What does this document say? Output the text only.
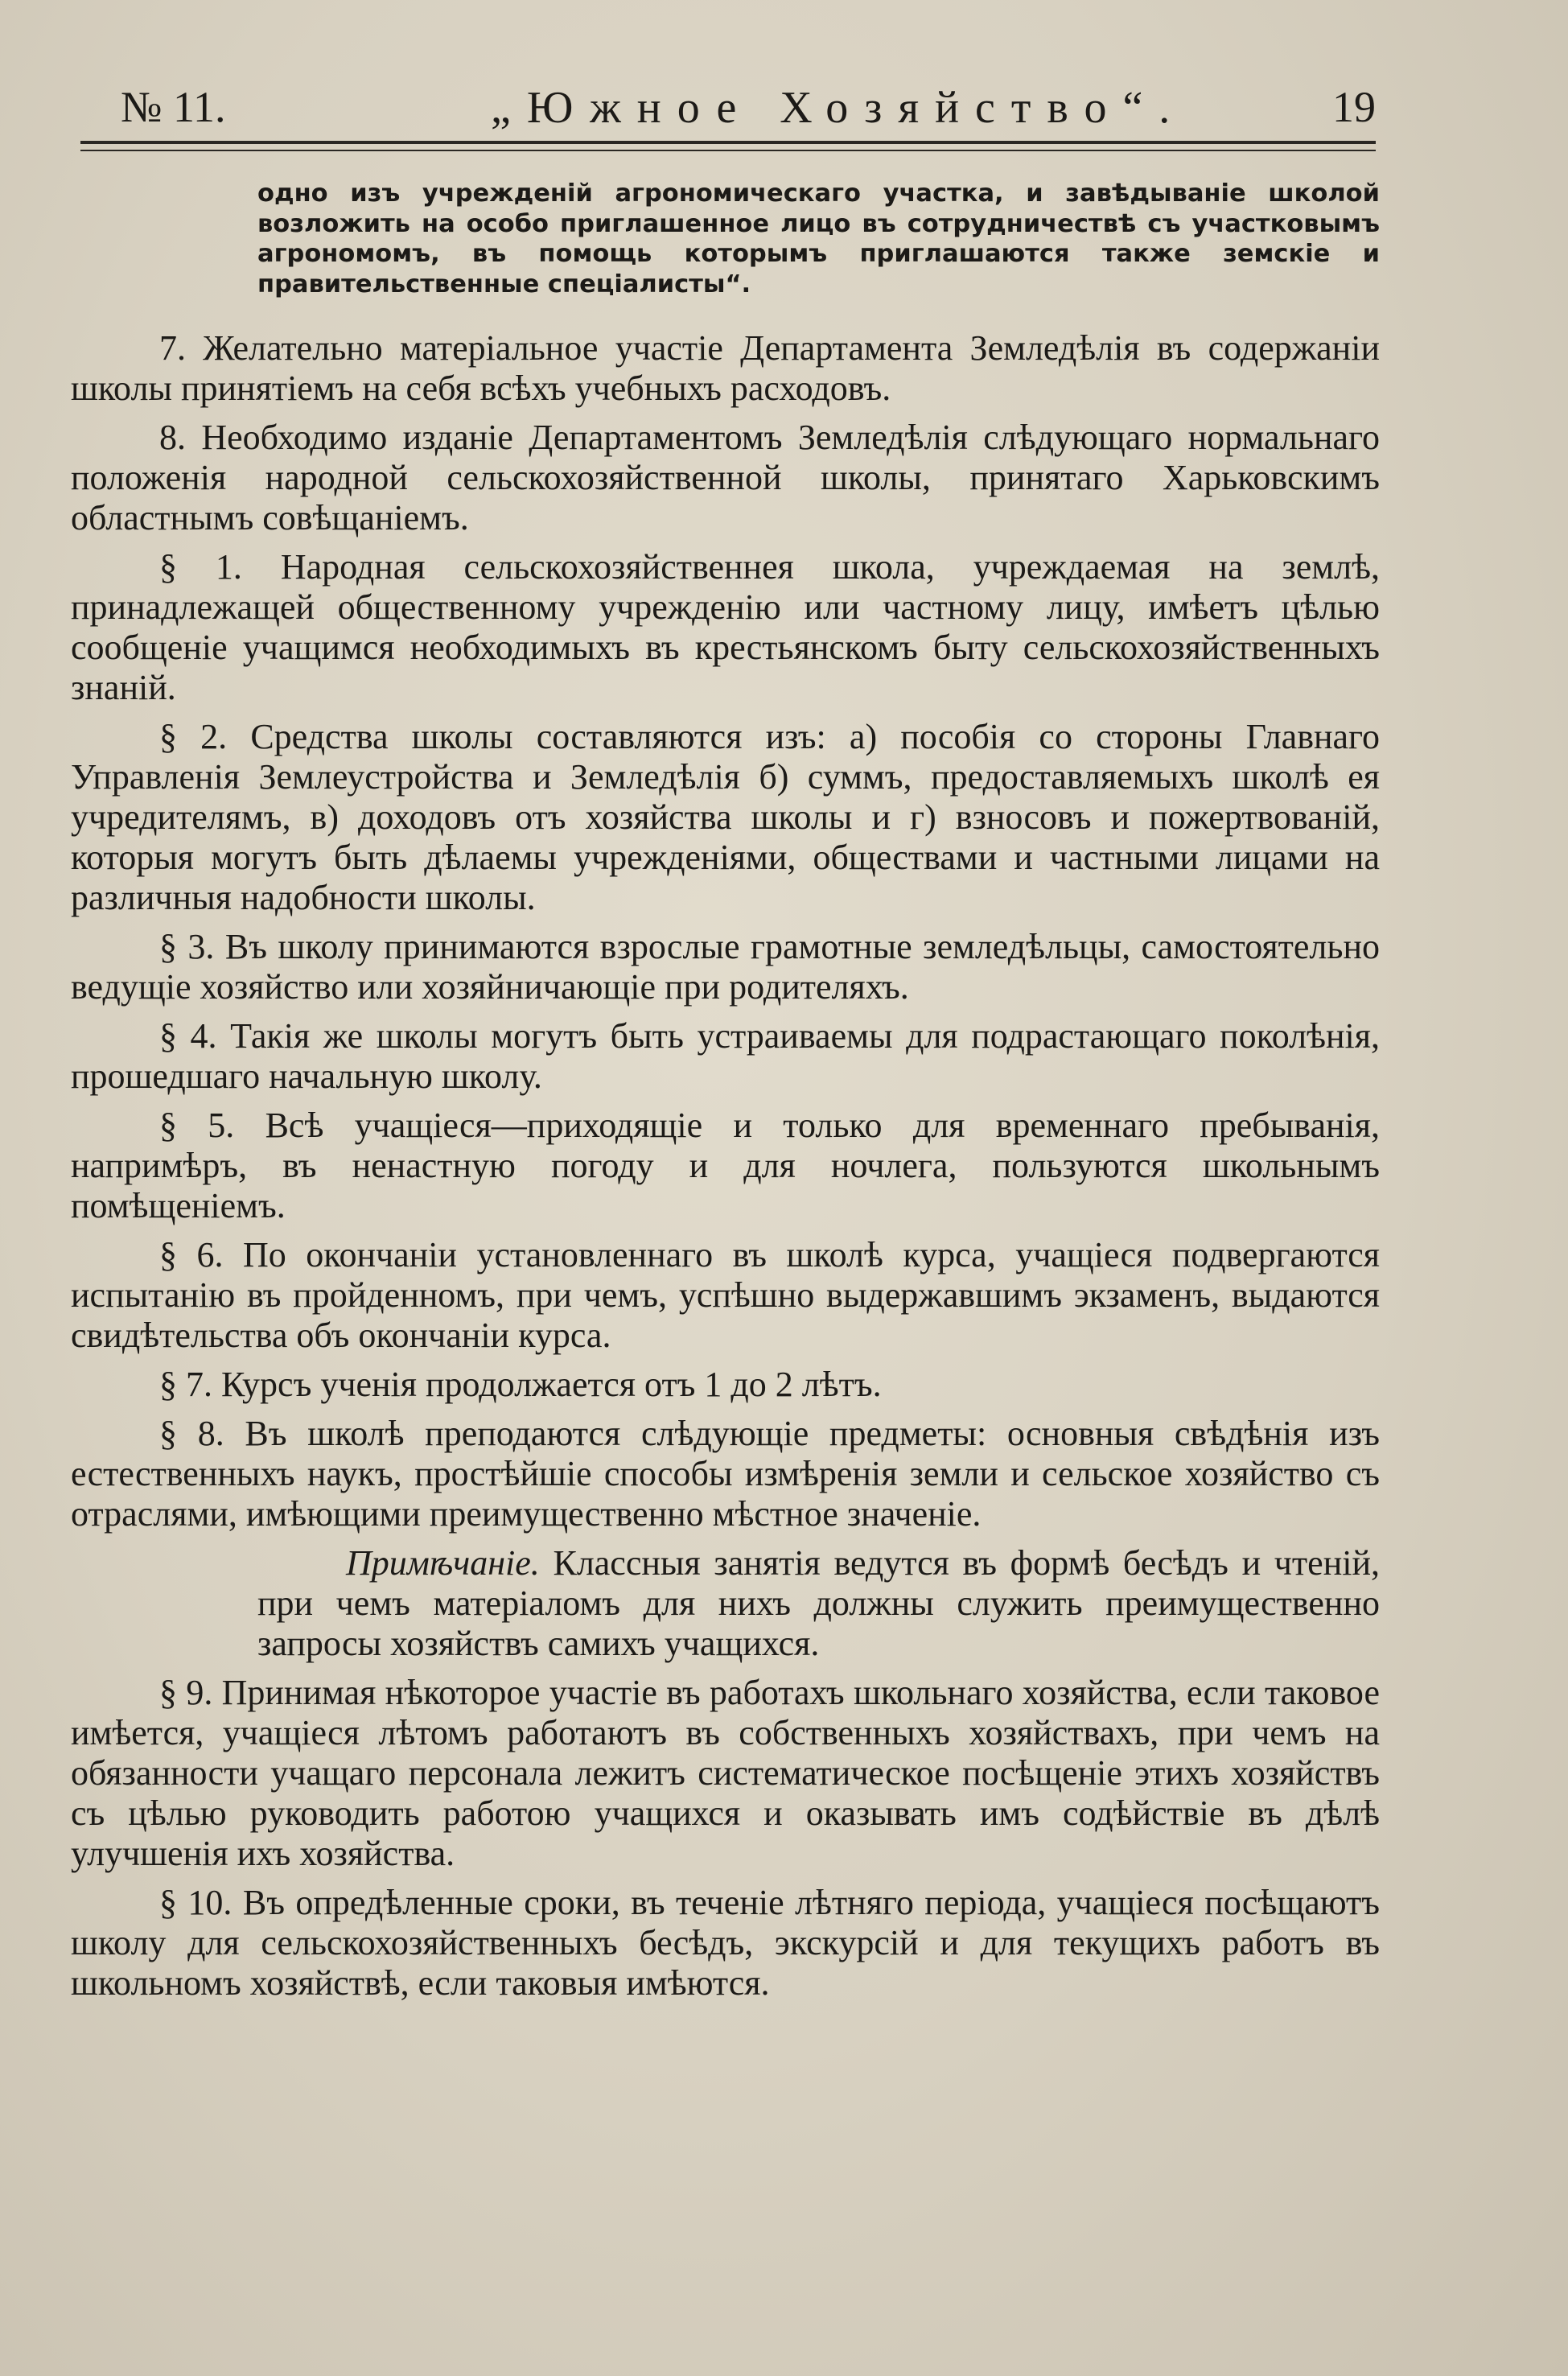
№ 11.	„Южное Хозяйство“.	19
одно изъ учрежденій агрономическаго участка, и завѣдываніе школой возложить на особо приглашенное лицо въ сотрудничествѣ съ участковымъ агрономомъ, въ помощь которымъ приглашаются также земскіе и правительственные спеціалисты“.

7. Желательно матеріальное участіе Департамента Земледѣлія въ содержаніи школы принятіемъ на себя всѣхъ учебныхъ расходовъ.

8. Необходимо изданіе Департаментомъ Земледѣлія слѣдующаго нормальнаго положенія народной сельскохозяйственной школы, принятаго Харьковскимъ областнымъ совѣщаніемъ.

§ 1. Народная сельскохозяйственнея школа, учреждаемая на землѣ, принадлежащей общественному учрежденію или частному лицу, имѣетъ цѣлью сообщеніе учащимся необходимыхъ въ крестьянскомъ быту сельскохозяйственныхъ знаній.

§ 2. Средства школы составляются изъ: а) пособія со стороны Главнаго Управленія Землеустройства и Земледѣлія б) суммъ, предоставляемыхъ школѣ ея учредителямъ, в) доходовъ отъ хозяйства школы и г) взносовъ и пожертвованій, которыя могутъ быть дѣлаемы учрежденіями, обществами и частными лицами на различныя надобности школы.

§ 3. Въ школу принимаются взрослые грамотные земледѣльцы, самостоятельно ведущіе хозяйство или хозяйничающіе при родителяхъ.

§ 4. Такія же школы могутъ быть устраиваемы для подрастающаго поколѣнія, прошедшаго начальную школу.

§ 5. Всѣ учащіеся—приходящіе и только для временнаго пребыванія, напримѣръ, въ ненастную погоду и для ночлега, пользуются школьнымъ помѣщеніемъ.

§ 6. По окончаніи установленнаго въ школѣ курса, учащіеся подвергаются испытанію въ пройденномъ, при чемъ, успѣшно выдержавшимъ экзаменъ, выдаются свидѣтельства объ окончаніи курса.

§ 7. Курсъ ученія продолжается отъ 1 до 2 лѣтъ.

§ 8. Въ школѣ преподаются слѣдующіе предметы: основныя свѣдѣнія изъ естественныхъ наукъ, простѣйшіе способы измѣренія земли и сельское хозяйство съ отраслями, имѣющими преимущественно мѣстное значеніе.

Примѣчаніе. Классныя занятія ведутся въ формѣ бесѣдъ и чтеній, при чемъ матеріаломъ для нихъ должны служить преимущественно запросы хозяйствъ самихъ учащихся.

§ 9. Принимая нѣкоторое участіе въ работахъ школьнаго хозяйства, если таковое имѣется, учащіеся лѣтомъ работаютъ въ собственныхъ хозяйствахъ, при чемъ на обязанности учащаго персонала лежитъ систематическое посѣщеніе этихъ хозяйствъ съ цѣлью руководить работою учащихся и оказывать имъ содѣйствіе въ дѣлѣ улучшенія ихъ хозяйства.

§ 10. Въ опредѣленные сроки, въ теченіе лѣтняго періода, учащіеся посѣщаютъ школу для сельскохозяйственныхъ бесѣдъ, экскурсій и для текущихъ работъ въ школьномъ хозяйствѣ, если таковыя имѣются.
